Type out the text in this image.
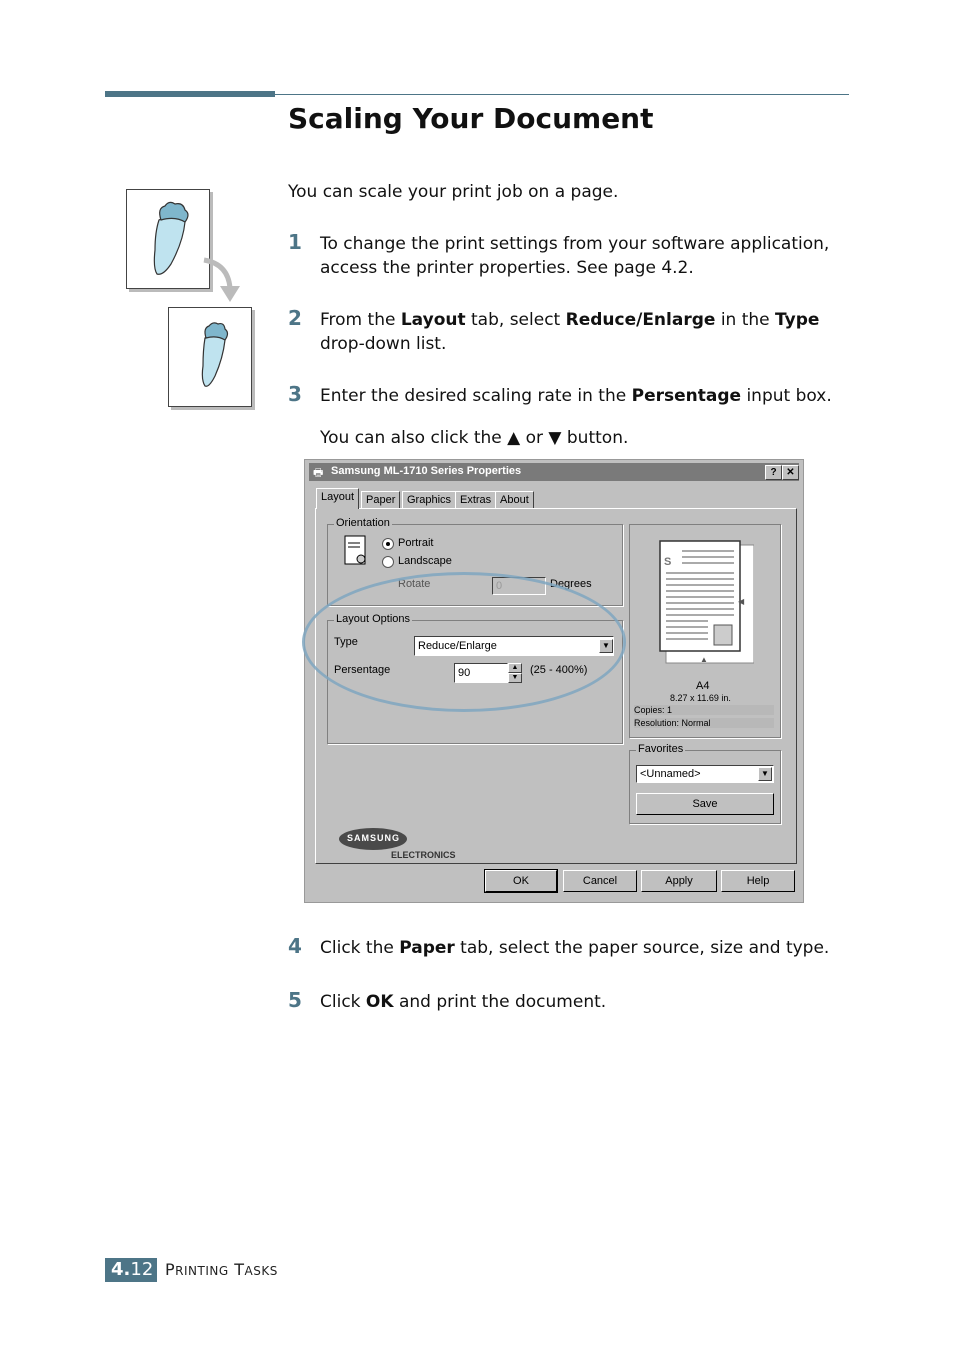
Scaling Your Document
You can scale your print job on a page.
1 To change the print settings from your software application, access the printer properties. See page 4.2.
2 From the Layout tab, select Reduce/Enlarge in the Type drop-down list.
3 Enter the desired scaling rate in the Persentage input box.
You can also click the ▲ or ▼ button.
🖶 Samsung ML-1710 Series Properties	? ✕
Layout	Paper	Graphics Extras About
Orientation
Portrait
Landscape
Rotate	0	Degrees
Layout Options
Type	Reduce/Enlarge	▼
Persentage	90	▲
▼
(25 - 400%)
S
◀
▲
A4
8.27 x 11.69 in.
Copies: 1
Resolution: Normal
Favorites
<Unnamed>	▼
Save
SAMSUNG
ELECTRONICS
OK	Cancel	Apply	Help
4 Click the Paper tab, select the paper source, size and type.
5 Click OK and print the document.
4.12 PRINTING TASKS
